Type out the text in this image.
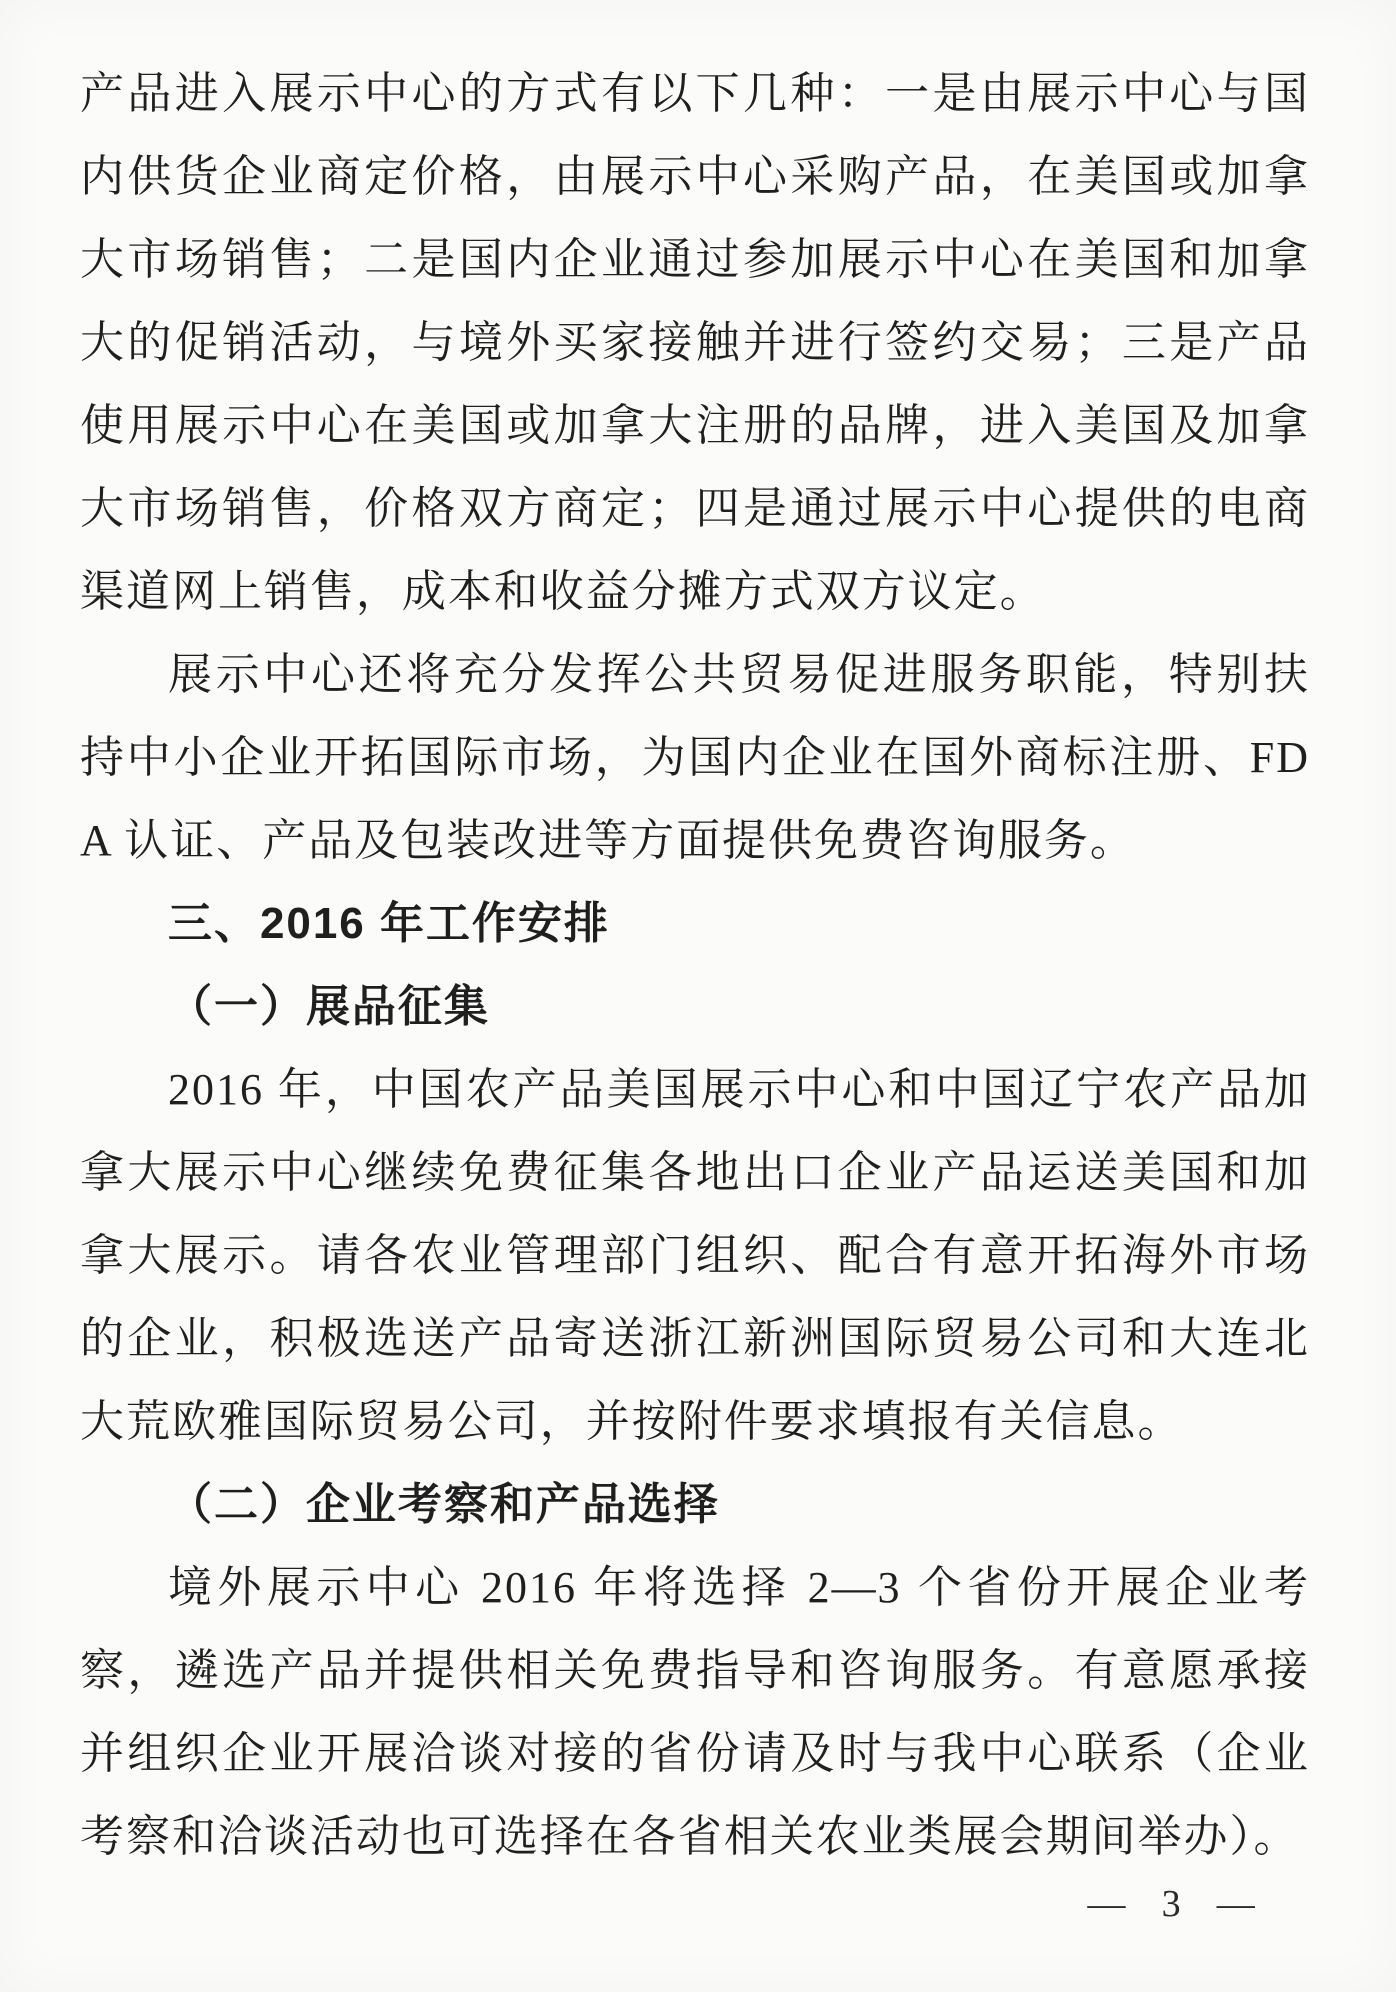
产品进入展示中心的方式有以下几种：一是由展示中心与国内供货企业商定价格，由展示中心采购产品，在美国或加拿大市场销售；二是国内企业通过参加展示中心在美国和加拿大的促销活动，与境外买家接触并进行签约交易；三是产品使用展示中心在美国或加拿大注册的品牌，进入美国及加拿大市场销售，价格双方商定；四是通过展示中心提供的电商渠道网上销售，成本和收益分摊方式双方议定。

展示中心还将充分发挥公共贸易促进服务职能，特别扶持中小企业开拓国际市场，为国内企业在国外商标注册、FDA 认证、产品及包装改进等方面提供免费咨询服务。

三、2016 年工作安排

（一）展品征集

2016 年，中国农产品美国展示中心和中国辽宁农产品加拿大展示中心继续免费征集各地出口企业产品运送美国和加拿大展示。请各农业管理部门组织、配合有意开拓海外市场的企业，积极选送产品寄送浙江新洲国际贸易公司和大连北大荒欧雅国际贸易公司，并按附件要求填报有关信息。

（二）企业考察和产品选择

境外展示中心 2016 年将选择 2—3 个省份开展企业考察，遴选产品并提供相关免费指导和咨询服务。有意愿承接并组织企业开展洽谈对接的省份请及时与我中心联系（企业考察和洽谈活动也可选择在各省相关农业类展会期间举办）。

— 3 —
